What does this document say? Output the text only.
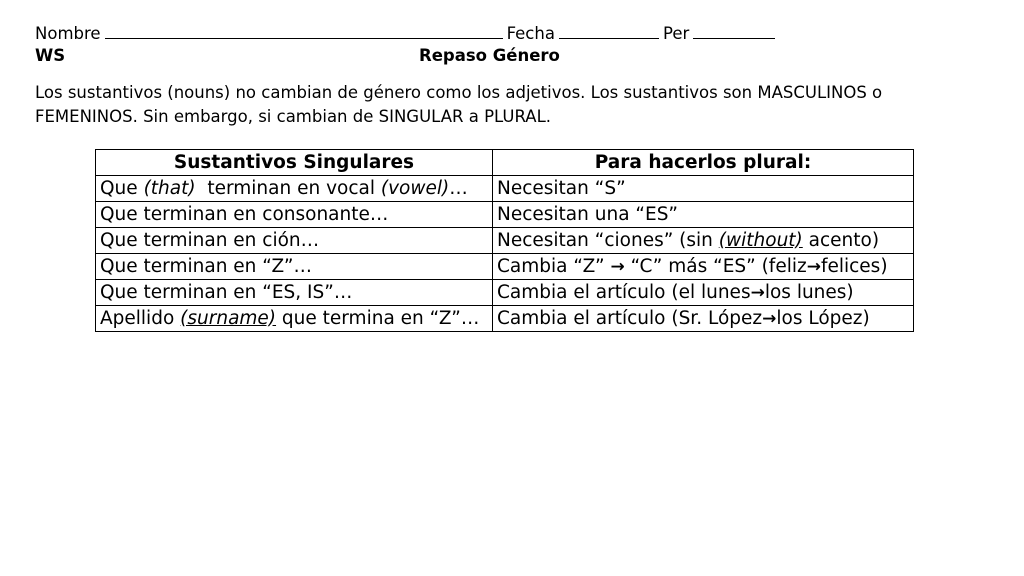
Nombre	Fecha	Per
WS	Repaso Género
Los sustantivos (nouns) no cambian de género como los adjetivos. Los sustantivos son MASCULINOS o FEMENINOS. Sin embargo, si cambian de SINGULAR a PLURAL.
Sustantivos Singulares	Para hacerlos plural:
Que (that)  terminan en vocal (vowel)…	Necesitan “S”
Que terminan en consonante…	Necesitan una “ES”
Que terminan en ción…	Necesitan “ciones” (sin (without) acento)
Que terminan en “Z”…	Cambia “Z” → “C” más “ES” (feliz→felices)
Que terminan en “ES, IS”…	Cambia el artículo (el lunes→los lunes)
Apellido (surname) que termina en “Z”…	Cambia el artículo (Sr. López→los López)
